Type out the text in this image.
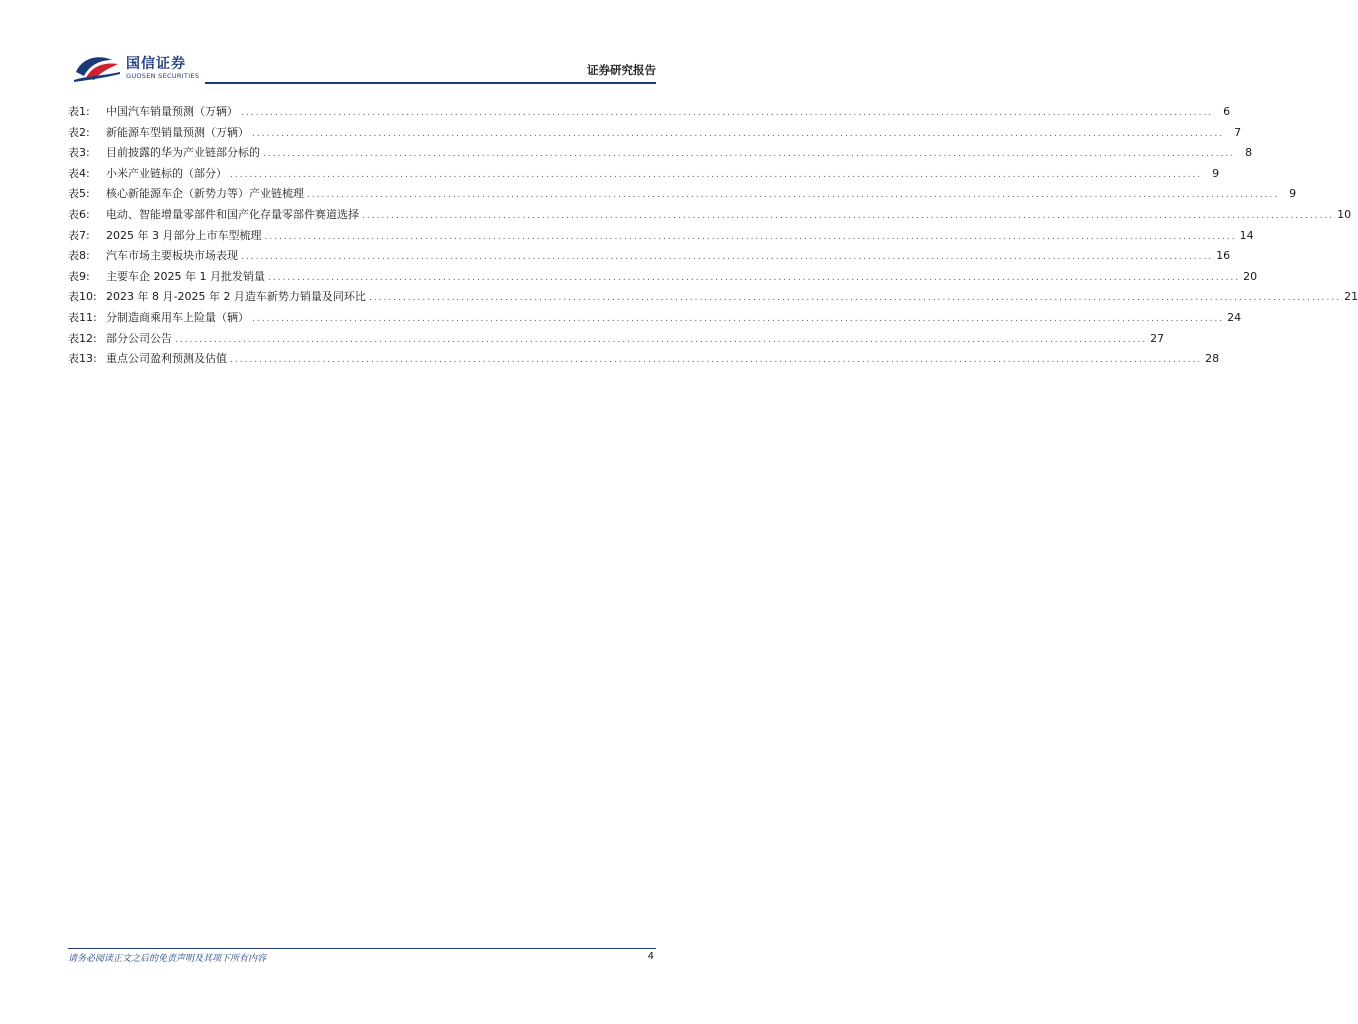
国信证券
GUOSEN SECURITIES	证券研究报告
表1:	中国汽车销量预测（万辆） ........................................................................................................................................................................................................ 6
表2:	新能源车型销量预测（万辆） ........................................................................................................................................................................................................ 7
表3:	目前披露的华为产业链部分标的 ........................................................................................................................................................................................................ 8
表4:	小米产业链标的（部分） ........................................................................................................................................................................................................ 9
表5:	核心新能源车企（新势力等）产业链梳理 ........................................................................................................................................................................................................ 9
表6:	电动、智能增量零部件和国产化存量零部件赛道选择 ........................................................................................................................................................................................................ 10
表7:	2025 年 3 月部分上市车型梳理 ........................................................................................................................................................................................................ 14
表8:	汽车市场主要板块市场表现 ........................................................................................................................................................................................................ 16
表9:	主要车企 2025 年 1 月批发销量 ........................................................................................................................................................................................................ 20
表10: 2023 年 8 月-2025 年 2 月造车新势力销量及同环比 ........................................................................................................................................................................................................ 21
表11: 分制造商乘用车上险量（辆） ........................................................................................................................................................................................................ 24
表12: 部分公司公告 ........................................................................................................................................................................................................ 27
表13: 重点公司盈利预测及估值 ........................................................................................................................................................................................................ 28
请务必阅读正文之后的免责声明及其项下所有内容	4
